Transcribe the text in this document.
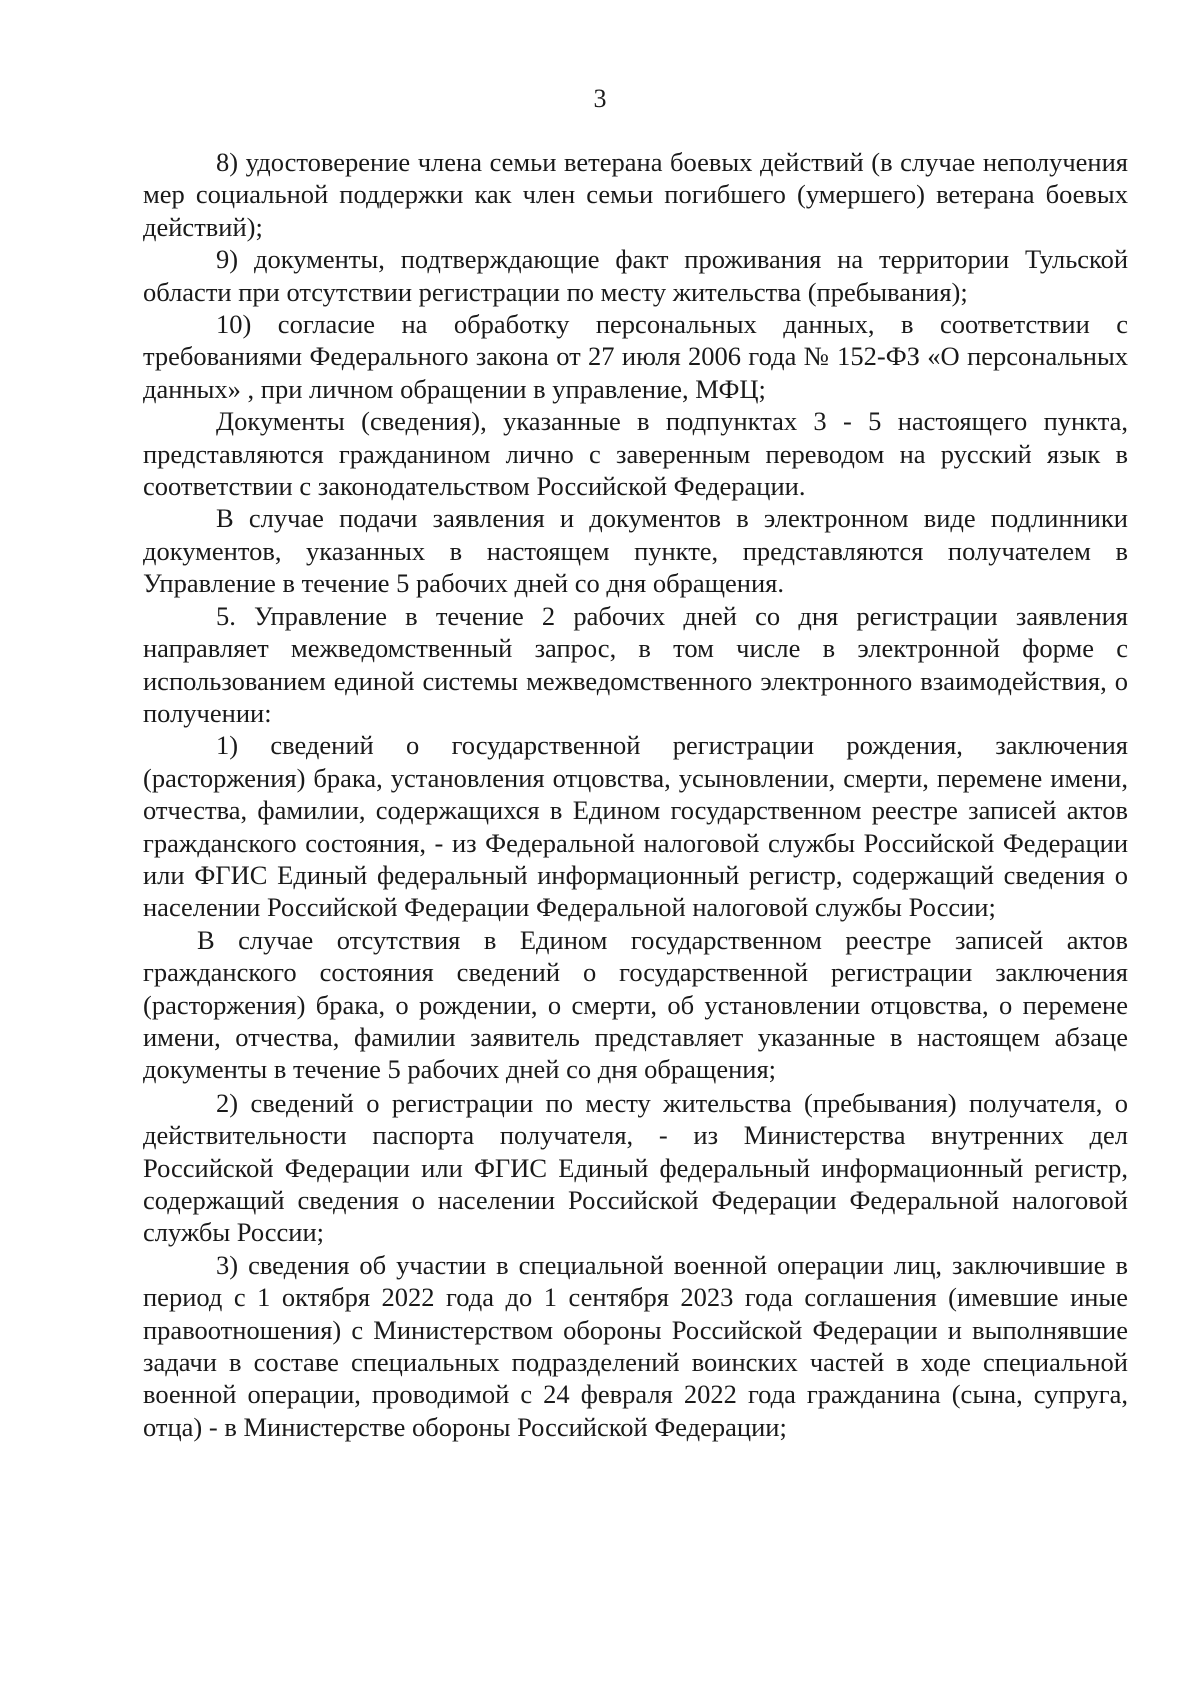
3

8) удостоверение члена семьи ветерана боевых действий (в случае неполучения мер социальной поддержки как член семьи погибшего (умершего) ветерана боевых действий);

9) документы, подтверждающие факт проживания на территории Тульской области при отсутствии регистрации по месту жительства (пребывания);

10) согласие на обработку персональных данных, в соответствии с требованиями Федерального закона от 27 июля 2006 года № 152-ФЗ «О персональных данных» , при личном обращении в управление, МФЦ;

Документы (сведения), указанные в подпунктах 3 - 5 настоящего пункта, представляются гражданином лично с заверенным переводом на русский язык в соответствии с законодательством Российской Федерации.

В случае подачи заявления и документов в электронном виде подлинники документов, указанных в настоящем пункте, представляются получателем в Управление в течение 5 рабочих дней со дня обращения.

5. Управление в течение 2 рабочих дней со дня регистрации заявления направляет межведомственный запрос, в том числе в электронной форме с использованием единой системы межведомственного электронного взаимодействия, о получении:

1) сведений о государственной регистрации рождения, заключения (расторжения) брака, установления отцовства, усыновлении, смерти, перемене имени, отчества, фамилии, содержащихся в Едином государственном реестре записей актов гражданского состояния, - из Федеральной налоговой службы Российской Федерации или ФГИС Единый федеральный информационный регистр, содержащий сведения о населении Российской Федерации Федеральной налоговой службы России;

В случае отсутствия в Едином государственном реестре записей актов гражданского состояния сведений о государственной регистрации заключения (расторжения) брака, о рождении, о смерти, об установлении отцовства, о перемене имени, отчества, фамилии заявитель представляет указанные в настоящем абзаце документы в течение 5 рабочих дней со дня обращения;

2) сведений о регистрации по месту жительства (пребывания) получателя, о действительности паспорта получателя, - из Министерства внутренних дел Российской Федерации или ФГИС Единый федеральный информационный регистр, содержащий сведения о населении Российской Федерации Федеральной налоговой службы России;

3) сведения об участии в специальной военной операции лиц, заключившие в период с 1 октября 2022 года до 1 сентября 2023 года соглашения (имевшие иные правоотношения) с Министерством обороны Российской Федерации и выполнявшие задачи в составе специальных подразделений воинских частей в ходе специальной военной операции, проводимой с 24 февраля 2022 года гражданина (сына, супруга, отца) - в Министерстве обороны Российской Федерации;
